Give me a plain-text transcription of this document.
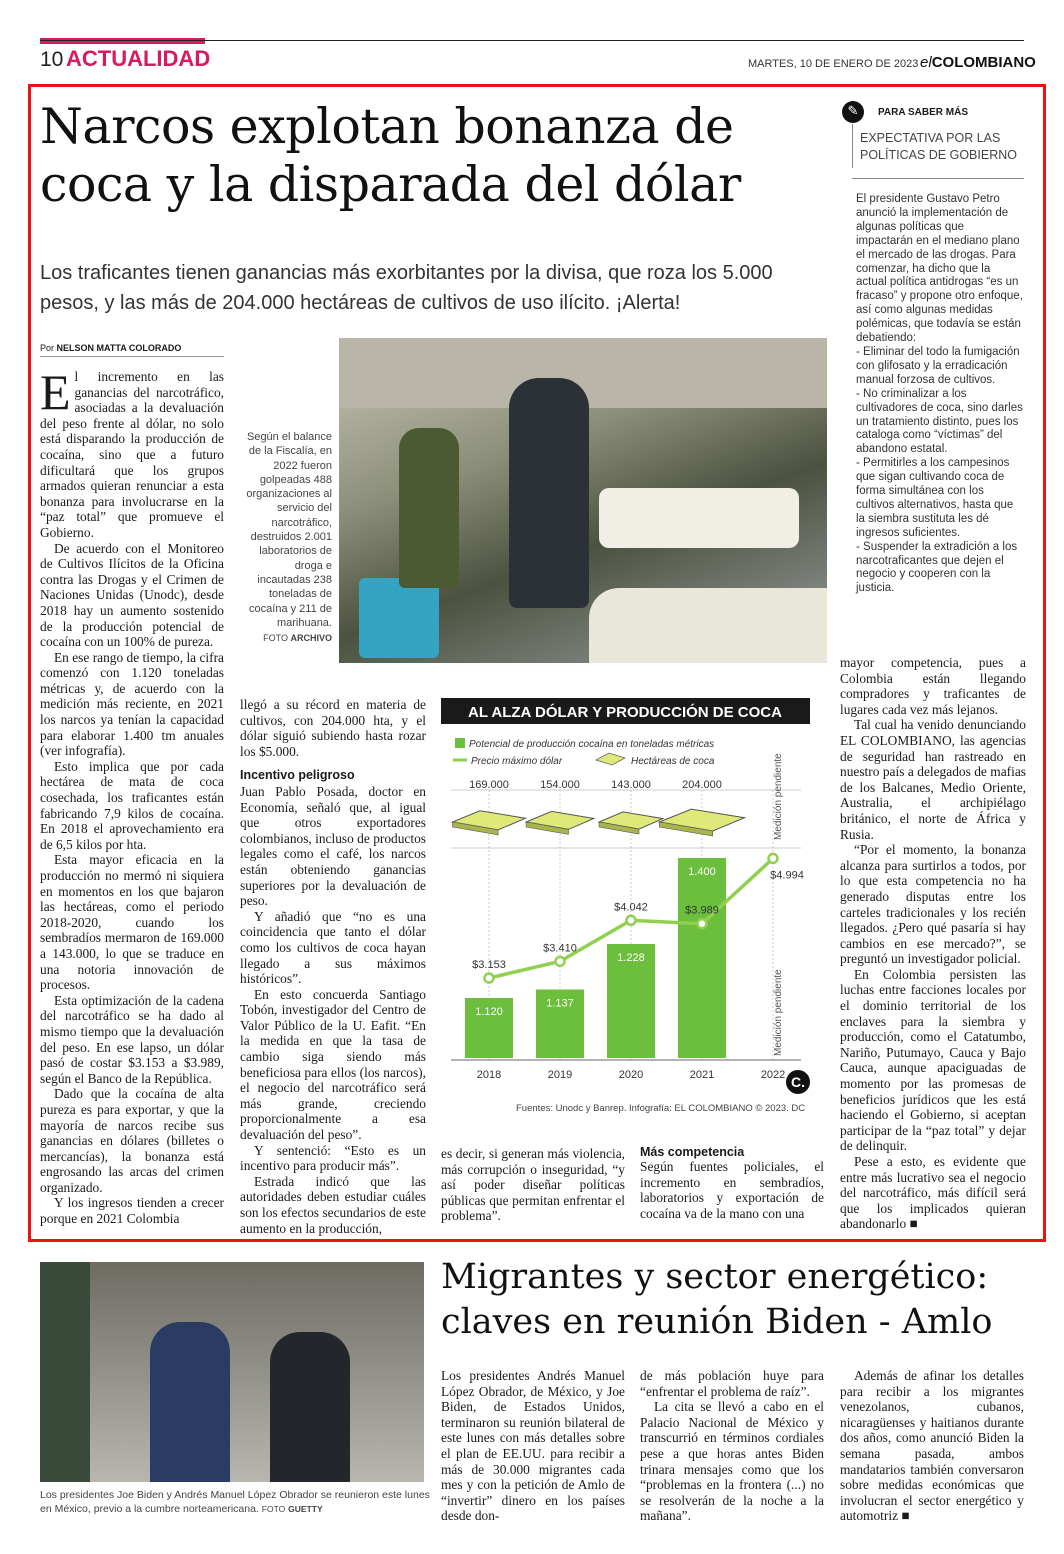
10 ACTUALIDAD	MARTES, 10 DE ENERO DE 2023 elCOLOMBIANO
Narcos explotan bonanza de
coca y la disparada del dólar
Los traficantes tienen ganancias más exorbitantes por la divisa, que roza los 5.000 pesos, y las más de 204.000 hectáreas de cultivos de uso ilícito. ¡Alerta!
✎	PARA SABER MÁS
EXPECTATIVA POR LAS POLÍTICAS DE GOBIERNO

El presidente Gustavo Petro anunció la implementación de algunas políticas que impactarán en el mediano plano el mercado de las drogas. Para comenzar, ha dicho que la actual política antidrogas “es un fracaso” y propone otro enfoque, así como algunas medidas polémicas, que todavía se están debatiendo:

- Eliminar del todo la fumigación con glifosato y la erradicación manual forzosa de cultivos.

- No criminalizar a los cultivadores de coca, sino darles un tratamiento distinto, pues los cataloga como “víctimas” del abandono estatal.

- Permitirles a los campesinos que sigan cultivando coca de forma simultánea con los cultivos alternativos, hasta que la siembra sustituta les dé ingresos suficientes.

- Suspender la extradición a los narcotraficantes que dejen el negocio y cooperen con la justicia.

Por NELSON MATTA COLORADO
E l incremento en las ganancias del narcotráfico, asociadas a la devaluación del peso frente al dólar, no solo está disparando la producción de cocaína, sino que a futuro dificultará que los grupos armados quieran renunciar a esta bonanza para involucrarse en la “paz total” que promueve el Gobierno.

De acuerdo con el Monitoreo de Cultivos Ilícitos de la Oficina contra las Drogas y el Crimen de Naciones Unidas (Unodc), desde 2018 hay un aumento sostenido de la producción potencial de cocaína con un 100% de pureza.

En ese rango de tiempo, la cifra comenzó con 1.120 toneladas métricas y, de acuerdo con la medición más reciente, en 2021 los narcos ya tenían la capacidad para elaborar 1.400 tm anuales (ver infografía).

Esto implica que por cada hectárea de mata de coca cosechada, los traficantes están fabricando 7,9 kilos de cocaína. En 2018 el aprovechamiento era de 6,5 kilos por hta.

Esta mayor eficacia en la producción no mermó ni siquiera en momentos en los que bajaron las hectáreas, como el periodo 2018-2020, cuando los sembradíos mermaron de 169.000 a 143.000, lo que se traduce en una notoria innovación de procesos.

Esta optimización de la cadena del narcotráfico se ha dado al mismo tiempo que la devaluación del peso. En ese lapso, un dólar pasó de costar $3.153 a $3.989, según el Banco de la República.

Dado que la cocaína de alta pureza es para exportar, y que la mayoría de narcos recibe sus ganancias en dólares (billetes o mercancías), la bonanza está engrosando las arcas del crimen organizado.

Y los ingresos tienden a crecer porque en 2021 Colombia

Según el balance de la Fiscalía, en 2022 fueron golpeadas 488 organizaciones al servicio del narcotráfico, destruidos 2.001 laboratorios de droga e incautadas 238 toneladas de cocaína y 211 de marihuana.
FOTO ARCHIVO

llegó a su récord en materia de cultivos, con 204.000 hta, y el dólar siguió subiendo hasta rozar los $5.000.

Incentivo peligroso

Juan Pablo Posada, doctor en Economía, señaló que, al igual que otros exportadores colombianos, incluso de productos legales como el café, los narcos están obteniendo ganancias superiores por la devaluación de peso.

Y añadió que “no es una coincidencia que tanto el dólar como los cultivos de coca hayan llegado a sus máximos históricos”.

En esto concuerda Santiago Tobón, investigador del Centro de Valor Público de la U. Eafit. “En la medida en que la tasa de cambio siga siendo más beneficiosa para ellos (los narcos), el negocio del narcotráfico será más grande, creciendo proporcionalmente a esa devaluación del peso”.

Y sentenció: “Esto es un incentivo para producir más”.

Estrada indicó que las autoridades deben estudiar cuáles son los efectos secundarios de este aumento en la producción,

AL ALZA DÓLAR Y PRODUCCIÓN DE COCA
Potencial de producción cocaína en toneladas métricas
Precio máximo dólar	Hectáreas de coca
169.000	154.000	143.000	204.000
1.120
1.137
1.228
1.400
$3.153
$3.410
$4.042	$3.989
$4.994
2018	2019	2020	2021	2022
Medición pendiente
Medición pendiente
C.
Fuentes: Unodc y Banrep. Infografía: EL COLOMBIANO © 2023. DC

es decir, si generan más violencia, más corrupción o inseguridad, “y así poder diseñar políticas públicas que permitan enfrentar el problema”.

Más competencia

Según fuentes policiales, el incremento en sembradíos, laboratorios y exportación de cocaína va de la mano con una

mayor competencia, pues a Colombia están llegando compradores y traficantes de lugares cada vez más lejanos.

Tal cual ha venido denunciando EL COLOMBIANO, las agencias de seguridad han rastreado en nuestro país a delegados de mafias de los Balcanes, Medio Oriente, Australia, el archipiélago británico, el norte de África y Rusia.

“Por el momento, la bonanza alcanza para surtirlos a todos, por lo que esta competencia no ha generado disputas entre los carteles tradicionales y los recién llegados. ¿Pero qué pasaría si hay cambios en ese mercado?”, se preguntó un investigador policial.

En Colombia persisten las luchas entre facciones locales por el dominio territorial de los enclaves para la siembra y producción, como el Catatumbo, Nariño, Putumayo, Cauca y Bajo Cauca, aunque apaciguadas de momento por las promesas de beneficios jurídicos que les está haciendo el Gobierno, si aceptan participar de la “paz total” y dejar de delinquir.

Pese a esto, es evidente que entre más lucrativo sea el negocio del narcotráfico, más difícil será que los implicados quieran abandonarlo ■

Los presidentes Joe Biden y Andrés Manuel López Obrador se reunieron este lunes en México, previo a la cumbre norteamericana. FOTO GUETTY
Migrantes y sector energético:
claves en reunión Biden - Amlo

Los presidentes Andrés Manuel López Obrador, de México, y Joe Biden, de Estados Unidos, terminaron su reunión bilateral de este lunes con más detalles sobre el plan de EE.UU. para recibir a más de 30.000 migrantes cada mes y con la petición de Amlo de “invertir” dinero en los países desde don-

de más población huye para “enfrentar el problema de raíz”.

La cita se llevó a cabo en el Palacio Nacional de México y transcurrió en términos cordiales pese a que horas antes Biden trinara mensajes como que los “problemas en la frontera (...) no se resolverán de la noche a la mañana”.

Además de afinar los detalles para recibir a los migrantes venezolanos, cubanos, nicaragüenses y haitianos durante dos años, como anunció Biden la semana pasada, ambos mandatarios también conversaron sobre medidas económicas que involucran el sector energético y automotriz ■
